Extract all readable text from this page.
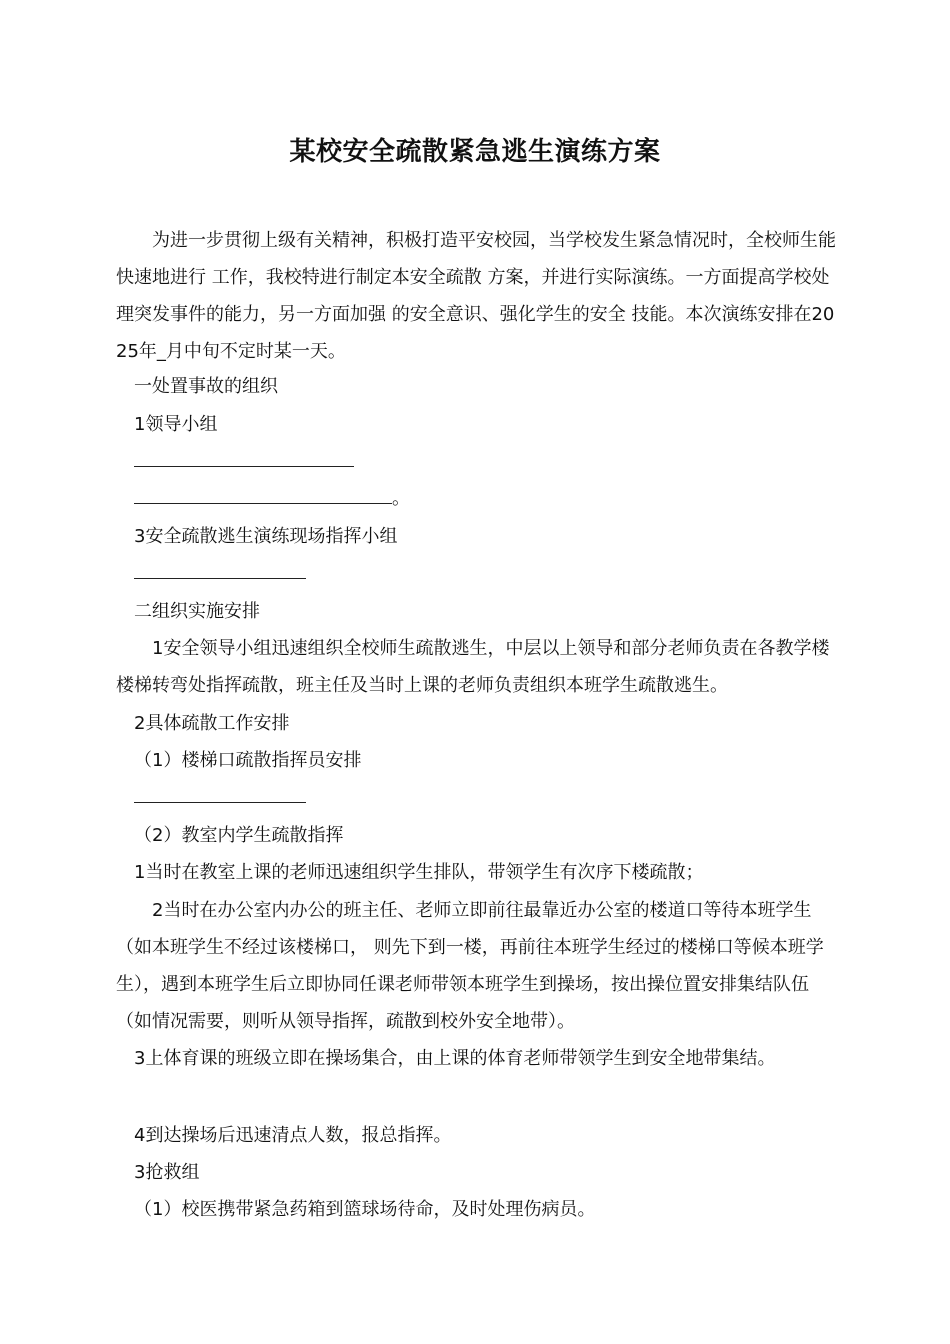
某校安全疏散紧急逃生演练方案

　　为进一步贯彻上级有关精神，积极打造平安校园，当学校发生紧急情况时，全校师生能 快速地进行 工作，我校特进行制定本安全疏散 方案，并进行实际演练。一方面提高学校处理突发事件的能力，另一方面加强 的安全意识、强化学生的安全 技能。本次演练安排在2025年_月中旬不定时某一天。

一处置事故的组织

1领导小组

。

3安全疏散逃生演练现场指挥小组

二组织实施安排

　　1安全领导小组迅速组织全校师生疏散逃生，中层以上领导和部分老师负责在各教学楼楼梯转弯处指挥疏散，班主任及当时上课的老师负责组织本班学生疏散逃生。

2具体疏散工作安排

（1）楼梯口疏散指挥员安排

（2）教室内学生疏散指挥

1当时在教室上课的老师迅速组织学生排队，带领学生有次序下楼疏散；

　　2当时在办公室内办公的班主任、老师立即前往最靠近办公室的楼道口等待本班学生（如本班学生不经过该楼梯口， 则先下到一楼，再前往本班学生经过的楼梯口等候本班学生），遇到本班学生后立即协同任课老师带领本班学生到操场，按出操位置安排集结队伍（如情况需要，则听从领导指挥，疏散到校外安全地带）。

3上体育课的班级立即在操场集合，由上课的体育老师带领学生到安全地带集结。

4到达操场后迅速清点人数，报总指挥。

3抢救组

（1）校医携带紧急药箱到篮球场待命，及时处理伤病员。
